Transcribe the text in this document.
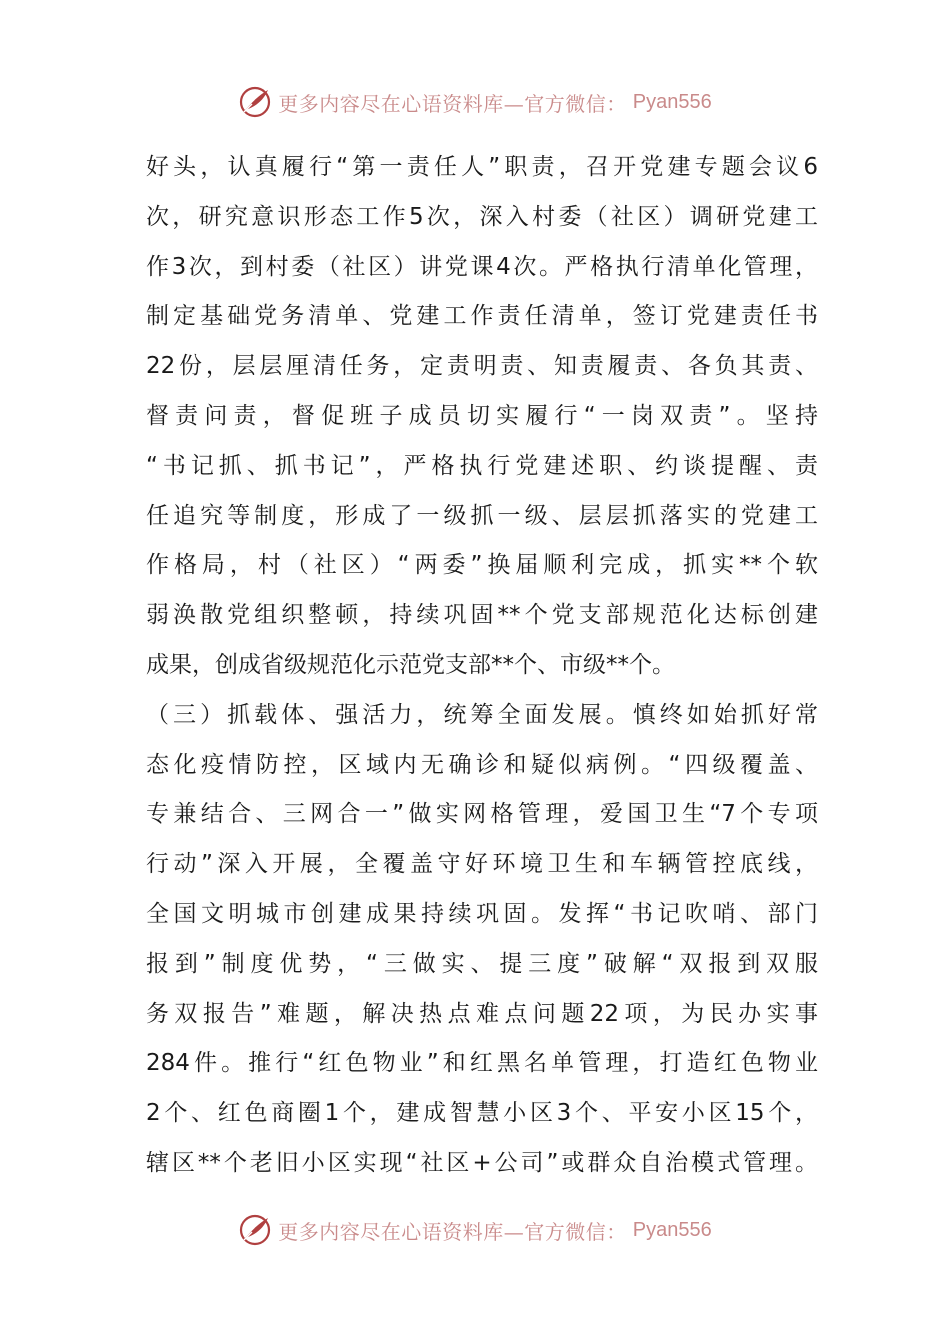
更多内容尽在心语资料库—官方微信： Pyan556
好头，认真履行“第一责任人”职责，召开党建专题会议6
次，研究意识形态工作5次，深入村委（社区）调研党建工
作3次，到村委（社区）讲党课4次。严格执行清单化管理，
制定基础党务清单、党建工作责任清单，签订党建责任书
22份，层层厘清任务，定责明责、知责履责、各负其责、
督责问责，督促班子成员切实履行“一岗双责”。坚持
“书记抓、抓书记”，严格执行党建述职、约谈提醒、责
任追究等制度，形成了一级抓一级、层层抓落实的党建工
作格局，村（社区）“两委”换届顺利完成，抓实**个软
弱涣散党组织整顿，持续巩固**个党支部规范化达标创建
成果，创成省级规范化示范党支部**个、市级**个。
（三）抓载体、强活力，统筹全面发展。慎终如始抓好常
态化疫情防控，区域内无确诊和疑似病例。“四级覆盖、
专兼结合、三网合一”做实网格管理，爱国卫生“7个专项
行动”深入开展，全覆盖守好环境卫生和车辆管控底线，
全国文明城市创建成果持续巩固。发挥“书记吹哨、部门
报到”制度优势，“三做实、提三度”破解“双报到双服
务双报告”难题，解决热点难点问题22项，为民办实事
284件。推行“红色物业”和红黑名单管理，打造红色物业
2个、红色商圈1个，建成智慧小区3个、平安小区15个，
辖区**个老旧小区实现“社区+公司”或群众自治模式管理。
更多内容尽在心语资料库—官方微信： Pyan556
